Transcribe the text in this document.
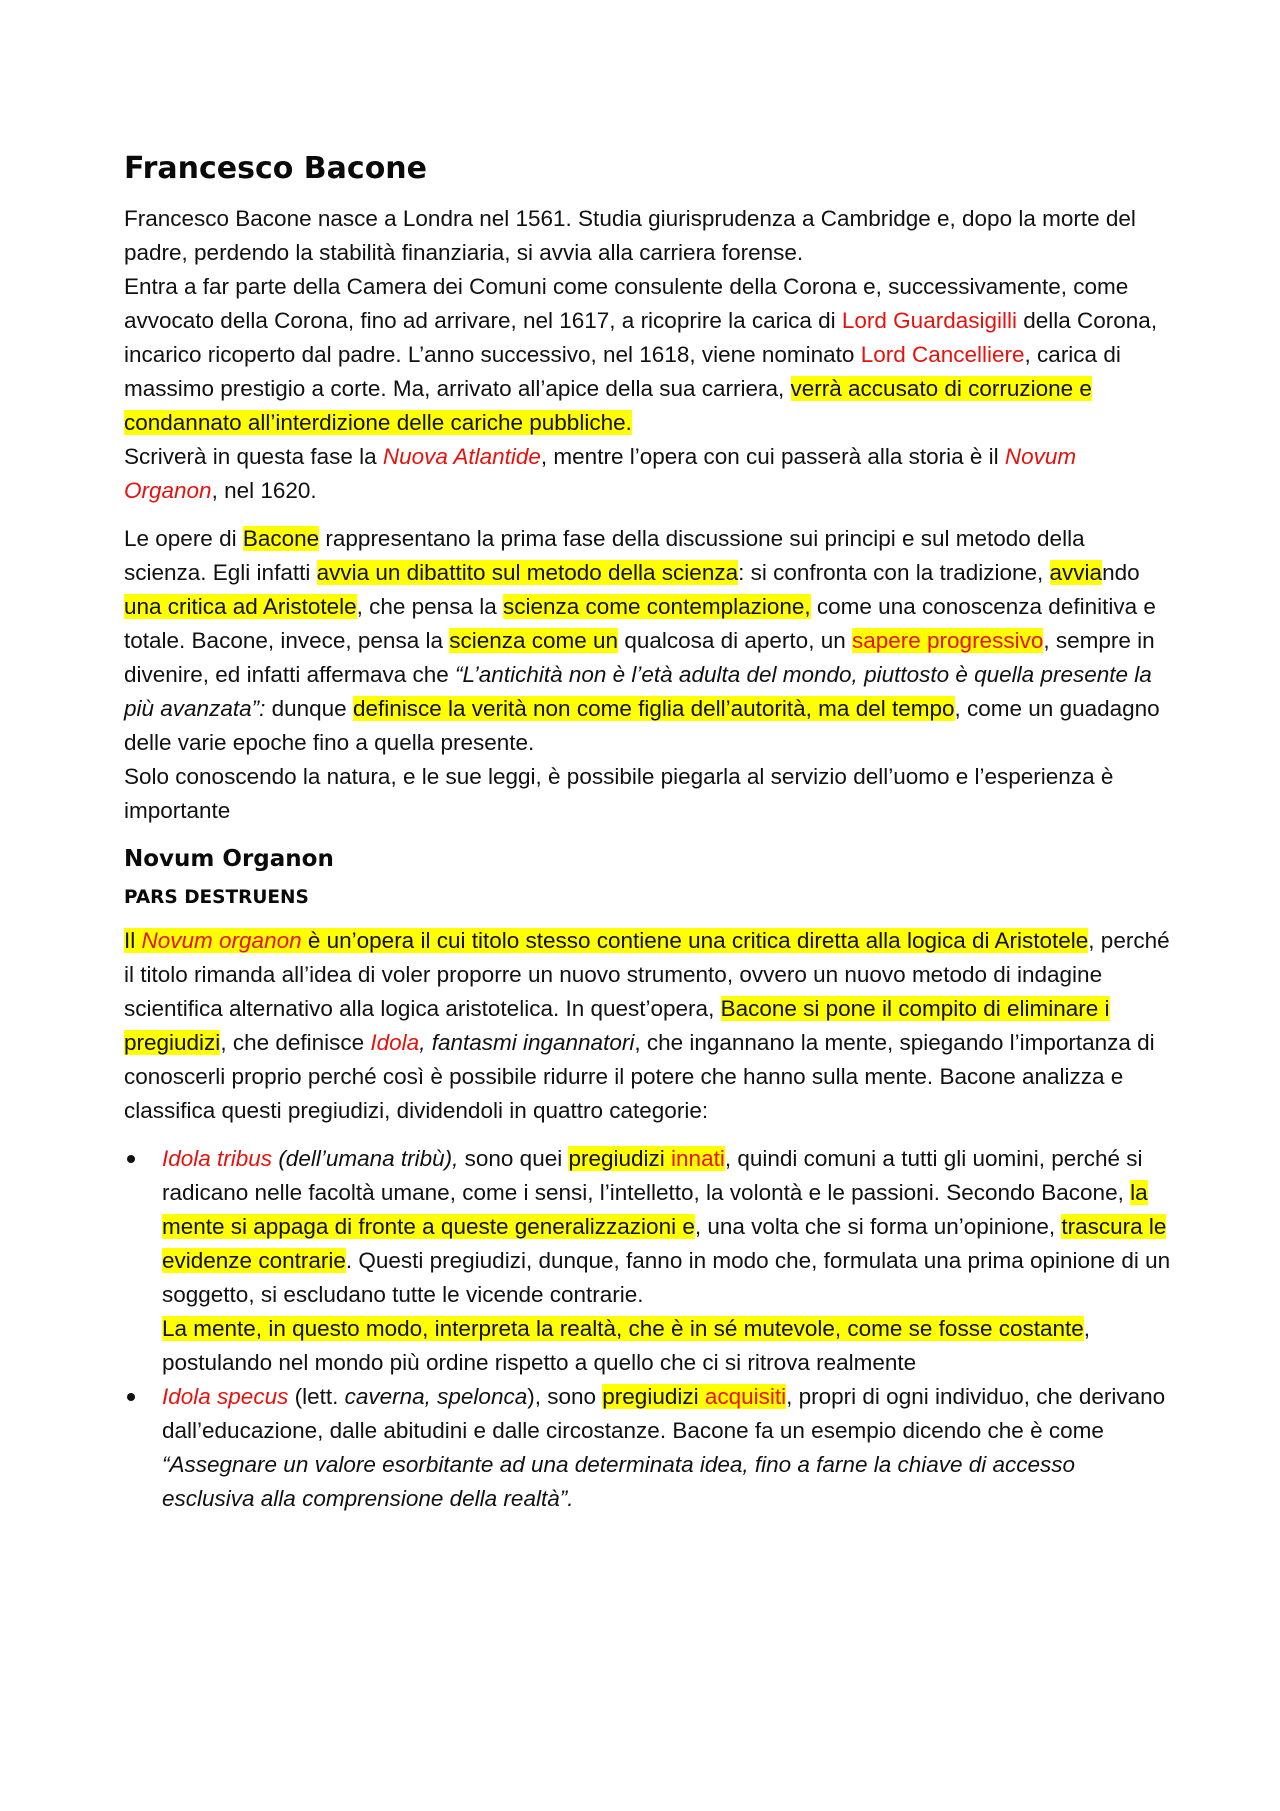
Francesco Bacone

Francesco Bacone nasce a Londra nel 1561. Studia giurisprudenza a Cambridge e, dopo la morte del padre, perdendo la stabilità finanziaria, si avvia alla carriera forense.
Entra a far parte della Camera dei Comuni come consulente della Corona e, successivamente, come avvocato della Corona, fino ad arrivare, nel 1617, a ricoprire la carica di Lord Guardasigilli della Corona, incarico ricoperto dal padre. L’anno successivo, nel 1618, viene nominato Lord Cancelliere, carica di massimo prestigio a corte. Ma, arrivato all’apice della sua carriera, verrà accusato di corruzione e condannato all’interdizione delle cariche pubbliche.
Scriverà in questa fase la Nuova Atlantide, mentre l’opera con cui passerà alla storia è il Novum Organon, nel 1620.

Le opere di Bacone rappresentano la prima fase della discussione sui principi e sul metodo della scienza. Egli infatti avvia un dibattito sul metodo della scienza: si confronta con la tradizione, avviando una critica ad Aristotele, che pensa la scienza come contemplazione, come una conoscenza definitiva e totale. Bacone, invece, pensa la scienza come un qualcosa di aperto, un sapere progressivo, sempre in divenire, ed infatti affermava che “L’antichità non è l’età adulta del mondo, piuttosto è quella presente la più avanzata”: dunque definisce la verità non come figlia dell’autorità, ma del tempo, come un guadagno delle varie epoche fino a quella presente.
Solo conoscendo la natura, e le sue leggi, è possibile piegarla al servizio dell’uomo e l’esperienza è importante

Novum Organon
PARS DESTRUENS

Il Novum organon è un’opera il cui titolo stesso contiene una critica diretta alla logica di Aristotele, perché il titolo rimanda all’idea di voler proporre un nuovo strumento, ovvero un nuovo metodo di indagine scientifica alternativo alla logica aristotelica. In quest’opera, Bacone si pone il compito di eliminare i pregiudizi, che definisce Idola, fantasmi ingannatori, che ingannano la mente, spiegando l’importanza di conoscerli proprio perché così è possibile ridurre il potere che hanno sulla mente. Bacone analizza e classifica questi pregiudizi, dividendoli in quattro categorie:

Idola tribus (dell’umana tribù), sono quei pregiudizi innati, quindi comuni a tutti gli uomini, perché si radicano nelle facoltà umane, come i sensi, l’intelletto, la volontà e le passioni. Secondo Bacone, la mente si appaga di fronte a queste generalizzazioni e, una volta che si forma un’opinione, trascura le evidenze contrarie. Questi pregiudizi, dunque, fanno in modo che, formulata una prima opinione di un soggetto, si escludano tutte le vicende contrarie.
La mente, in questo modo, interpreta la realtà, che è in sé mutevole, come se fosse costante, postulando nel mondo più ordine rispetto a quello che ci si ritrova realmente
Idola specus (lett. caverna, spelonca), sono pregiudizi acquisiti, propri di ogni individuo, che derivano dall’educazione, dalle abitudini e dalle circostanze. Bacone fa un esempio dicendo che è come “Assegnare un valore esorbitante ad una determinata idea, fino a farne la chiave di accesso esclusiva alla comprensione della realtà”.
